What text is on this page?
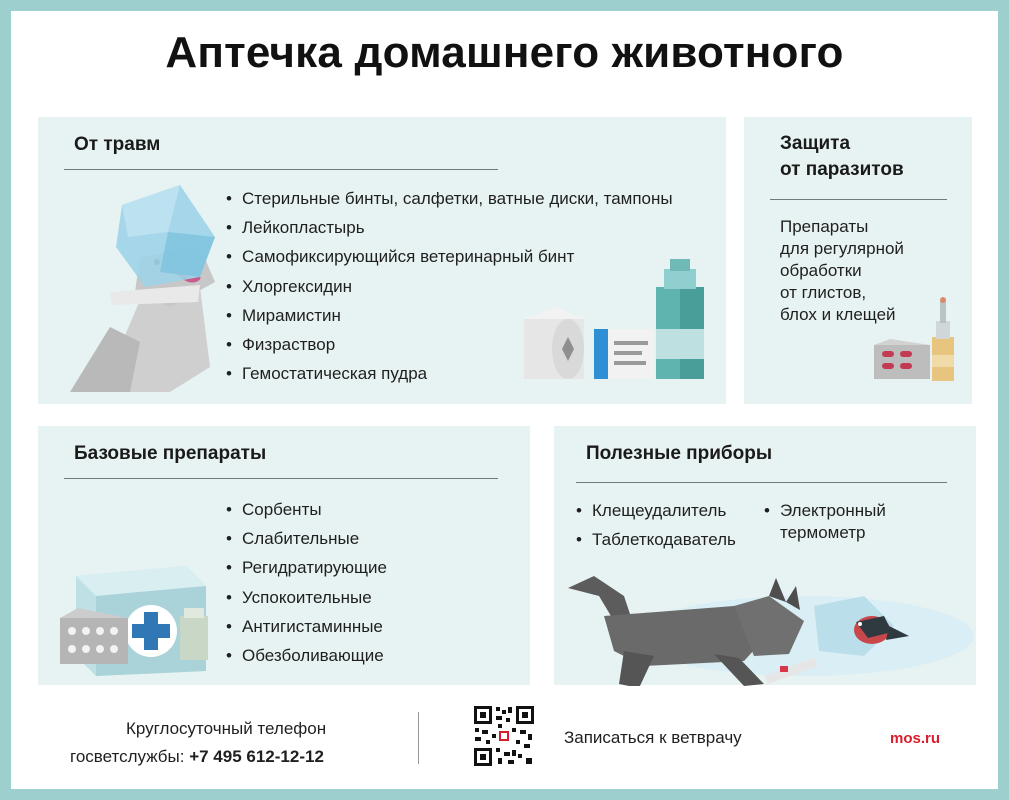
Аптечка домашнего животного
От травм
• Стерильные бинты, салфетки, ватные диски, тампоны
• Лейкопластырь
• Самофиксирующийся ветеринарный бинт
• Хлоргексидин
• Мирамистин
• Физраствор
• Гемостатическая пудра
Защита
от паразитов
Препараты
для регулярной
обработки
от глистов,
блох и клещей
Базовые препараты
• Сорбенты
• Слабительные
• Регидратирующие
• Успокоительные
• Антигистаминные
• Обезболивающие
Полезные приборы
• Клещеудалитель
• Таблеткодаватель
• Электронный
термометр
Круглосуточный телефон
госветслужбы: +7 495 612-12-12
Записаться к ветврачу	mos.ru
